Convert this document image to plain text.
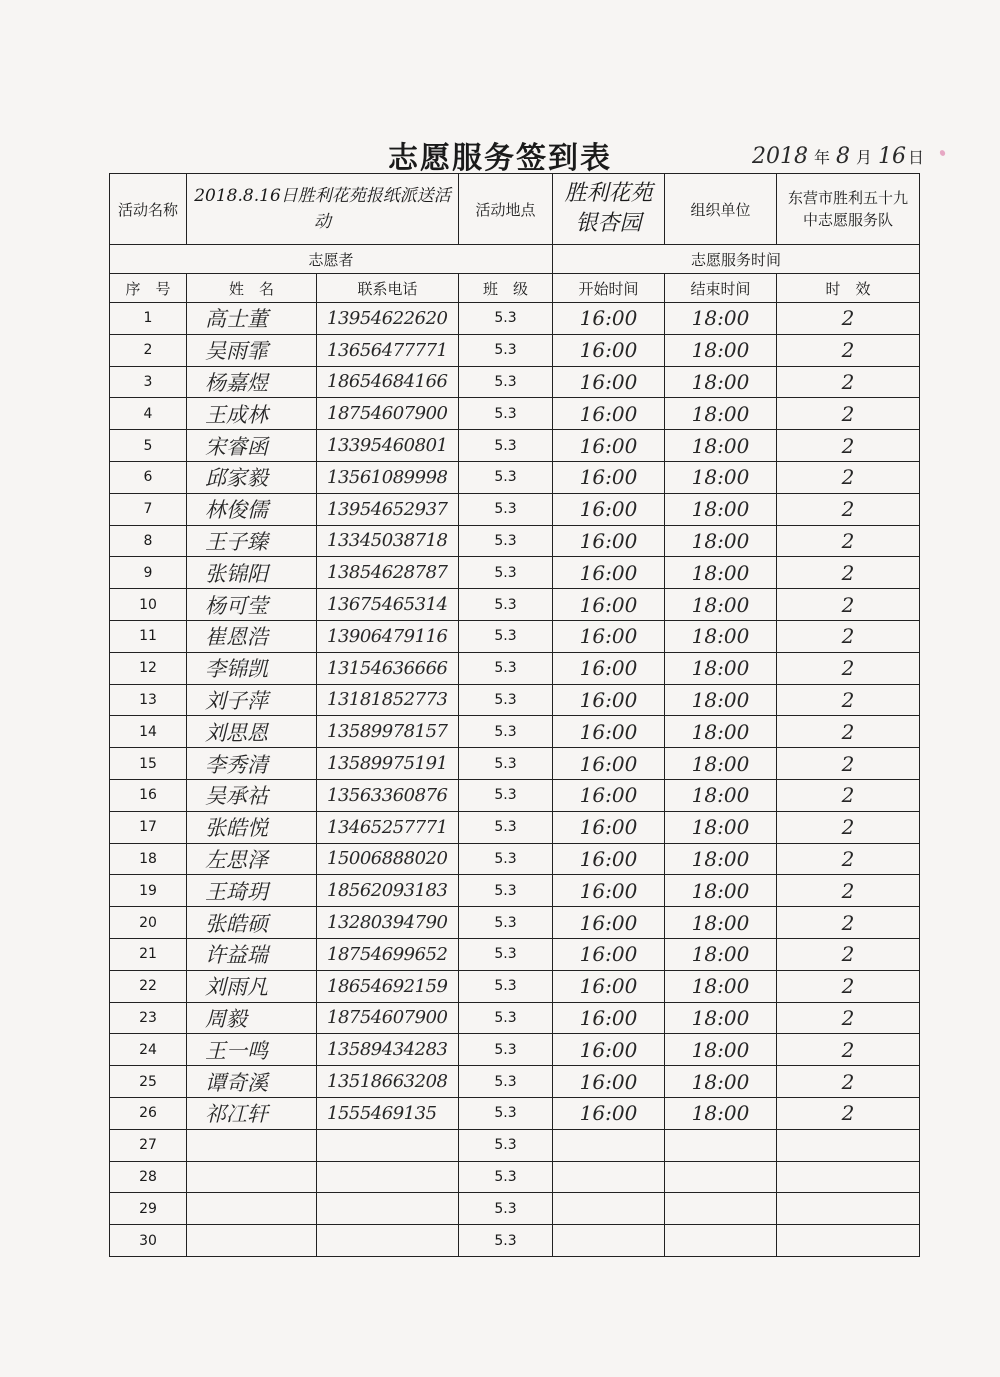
志愿服务签到表	2018 年 8 月 16 日
活动名称	2018.8.16日胜利花苑报纸派送活动		活动地点	胜利花苑银杏园	组织单位	东营市胜利五十九中志愿服务队
志愿者				志愿服务时间		
序　号	姓　名	联系电话	班　级	开始时间	结束时间	时　效
1	高士董	13954622620	5.3	16:00	18:00	2
2	吴雨霏	13656477771	5.3	16:00	18:00	2
3	杨嘉煜	18654684166	5.3	16:00	18:00	2
4	王成林	18754607900	5.3	16:00	18:00	2
5	宋睿函	13395460801	5.3	16:00	18:00	2
6	邱家毅	13561089998	5.3	16:00	18:00	2
7	林俊儒	13954652937	5.3	16:00	18:00	2
8	王子臻	13345038718	5.3	16:00	18:00	2
9	张锦阳	13854628787	5.3	16:00	18:00	2
10	杨可莹	13675465314	5.3	16:00	18:00	2
11	崔恩浩	13906479116	5.3	16:00	18:00	2
12	李锦凯	13154636666	5.3	16:00	18:00	2
13	刘子萍	13181852773	5.3	16:00	18:00	2
14	刘思恩	13589978157	5.3	16:00	18:00	2
15	李秀清	13589975191	5.3	16:00	18:00	2
16	吴承祜	13563360876	5.3	16:00	18:00	2
17	张皓悦	13465257771	5.3	16:00	18:00	2
18	左思泽	15006888020	5.3	16:00	18:00	2
19	王琦玥	18562093183	5.3	16:00	18:00	2
20	张皓硕	13280394790	5.3	16:00	18:00	2
21	许益瑞	18754699652	5.3	16:00	18:00	2
22	刘雨凡	18654692159	5.3	16:00	18:00	2
23	周毅	18754607900	5.3	16:00	18:00	2
24	王一鸣	13589434283	5.3	16:00	18:00	2
25	谭奇溪	13518663208	5.3	16:00	18:00	2
26	祁冮轩	1555469135	5.3	16:00	18:00	2
27			5.3			
28			5.3			
29			5.3			
30			5.3			
